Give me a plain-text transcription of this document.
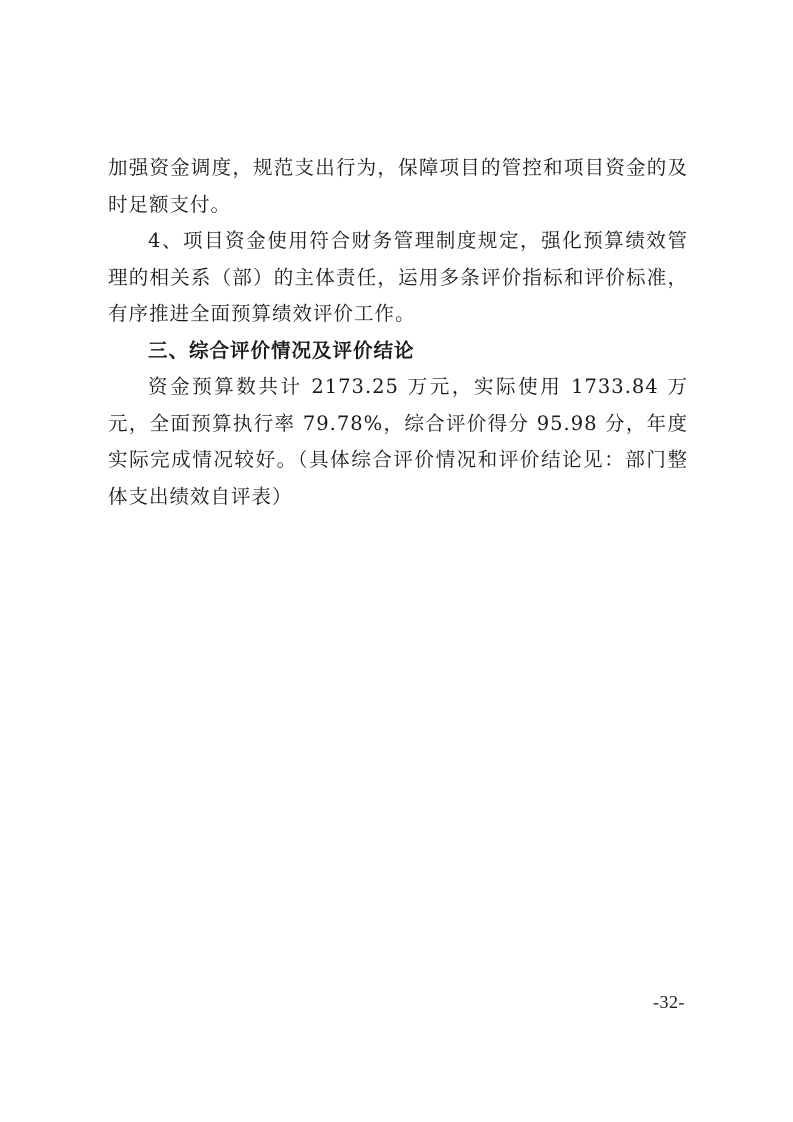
加强资金调度，规范支出行为，保障项目的管控和项目资金的及时足额支付。

4、项目资金使用符合财务管理制度规定，强化预算绩效管理的相关系（部）的主体责任，运用多条评价指标和评价标准，有序推进全面预算绩效评价工作。

三、综合评价情况及评价结论

资金预算数共计 2173.25 万元，实际使用 1733.84 万元，全面预算执行率 79.78%，综合评价得分 95.98 分，年度实际完成情况较好。（具体综合评价情况和评价结论见：部门整体支出绩效自评表）

-32-
